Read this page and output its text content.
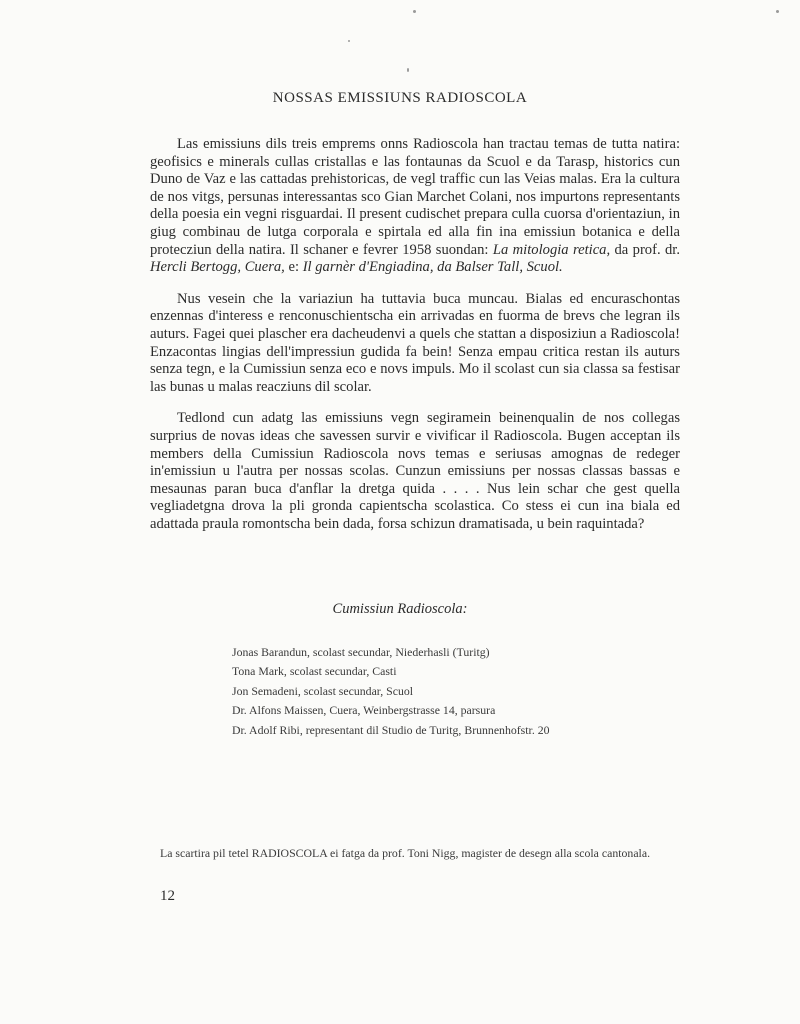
NOSSAS EMISSIUNS RADIOSCOLA

Las emissiuns dils treis emprems onns Radioscola han tractau temas de tutta natira: geofisics e minerals cullas cristallas e las fontaunas da Scuol e da Tarasp, historics cun Duno de Vaz e las cattadas prehistoricas, de vegl traffic cun las Veias malas. Era la cultura de nos vitgs, persunas interessantas sco Gian Marchet Colani, nos impurtons representants della poesia ein vegni risguardai. Il present cudischet prepara culla cuorsa d'orientaziun, in giug combinau de lutga corporala e spirtala ed alla fin ina emissiun botanica e della protecziun della natira. Il schaner e fevrer 1958 suondan: La mitologia retica, da prof. dr. Hercli Bertogg, Cuera, e: Il garnèr d'Engiadina, da Balser Tall, Scuol.

Nus vesein che la variaziun ha tuttavia buca muncau. Bialas ed encuraschontas enzennas d'interess e renconuschientscha ein arrivadas en fuorma de brevs che legran ils auturs. Fagei quei plascher era dacheudenvi a quels che stattan a disposiziun a Radioscola! Enzacontas lingias dell'impressiun gudida fa bein! Senza empau critica restan ils auturs senza tegn, e la Cumissiun senza eco e novs impuls. Mo il scolast cun sia classa sa festisar las bunas u malas reacziuns dil scolar.

Tedlond cun adatg las emissiuns vegn segiramein beinenqualin de nos collegas surprius de novas ideas che savessen survir e vivificar il Radioscola. Bugen acceptan ils members della Cumissiun Radioscola novs temas e seriusas amognas de redeger in'emissiun u l'autra per nossas scolas. Cunzun emissiuns per nossas classas bassas e mesaunas paran buca d'anflar la dretga quida . . . . Nus lein schar che gest quella vegliadetgna drova la pli gronda capientscha scolastica. Co stess ei cun ina biala ed adattada praula romontscha bein dada, forsa schizun dramatisada, u bein raquintada?

Cumissiun Radioscola:
Jonas Barandun, scolast secundar, Niederhasli (Turitg)
Tona Mark, scolast secundar, Casti
Jon Semadeni, scolast secundar, Scuol
Dr. Alfons Maissen, Cuera, Weinbergstrasse 14, parsura
Dr. Adolf Ribi, representant dil Studio de Turitg, Brunnenhofstr. 20
La scartira pil tetel RADIOSCOLA ei fatga da prof. Toni Nigg, magister de desegn alla scola cantonala.
12
